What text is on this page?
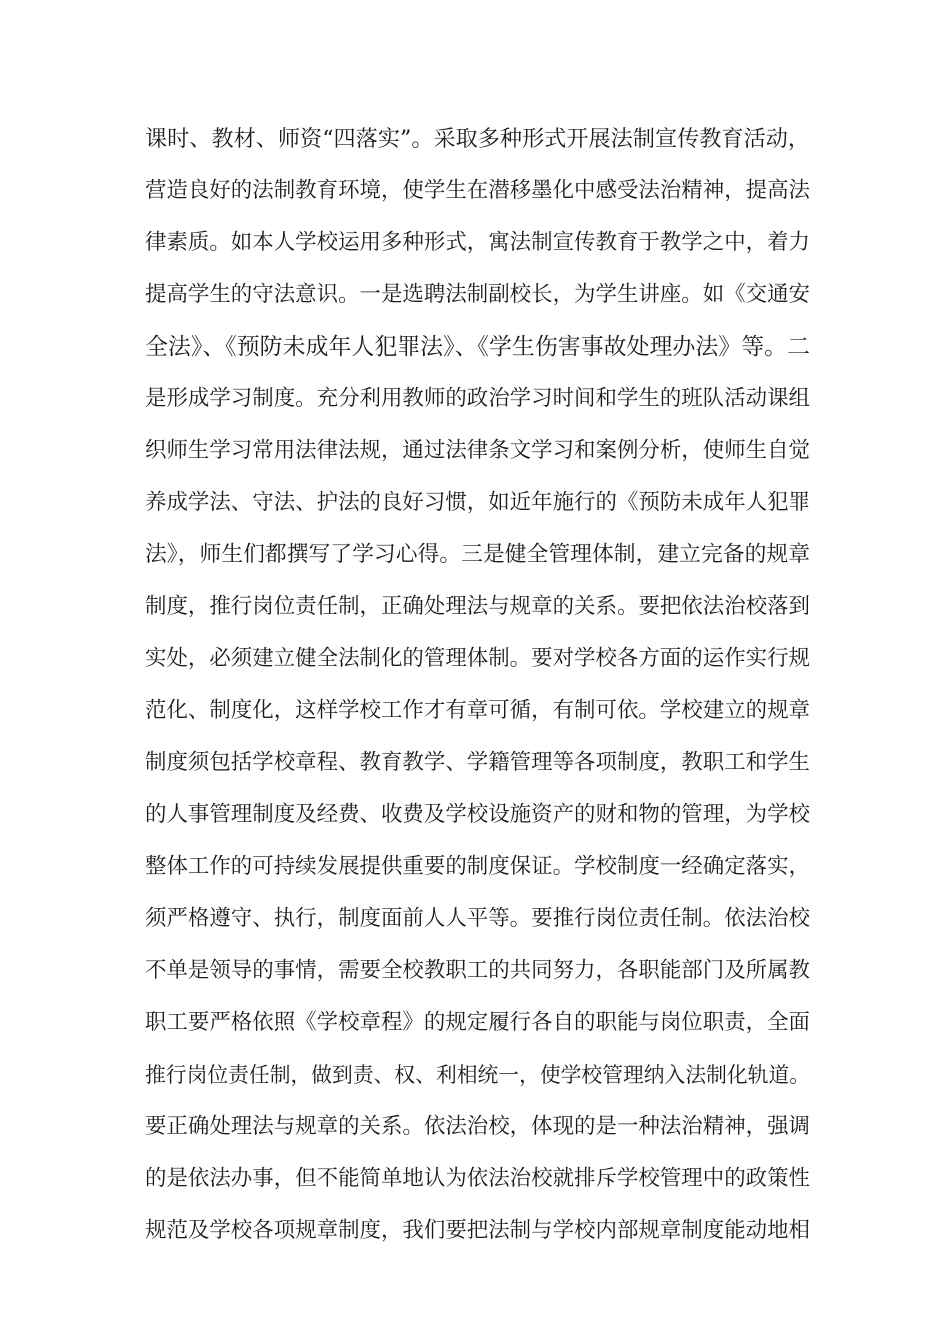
课时、教材、师资“四落实”。采取多种形式开展法制宣传教育活动，
营造良好的法制教育环境，使学生在潜移墨化中感受法治精神，提高法
律素质。如本人学校运用多种形式，寓法制宣传教育于教学之中，着力
提高学生的守法意识。一是选聘法制副校长，为学生讲座。如《交通安
全法》、《预防未成年人犯罪法》、《学生伤害事故处理办法》等。二
是形成学习制度。充分利用教师的政治学习时间和学生的班队活动课组
织师生学习常用法律法规，通过法律条文学习和案例分析，使师生自觉
养成学法、守法、护法的良好习惯，如近年施行的《预防未成年人犯罪
法》，师生们都撰写了学习心得。三是健全管理体制，建立完备的规章
制度，推行岗位责任制，正确处理法与规章的关系。要把依法治校落到
实处，必须建立健全法制化的管理体制。要对学校各方面的运作实行规
范化、制度化，这样学校工作才有章可循，有制可依。学校建立的规章
制度须包括学校章程、教育教学、学籍管理等各项制度，教职工和学生
的人事管理制度及经费、收费及学校设施资产的财和物的管理，为学校
整体工作的可持续发展提供重要的制度保证。学校制度一经确定落实，
须严格遵守、执行，制度面前人人平等。要推行岗位责任制。依法治校
不单是领导的事情，需要全校教职工的共同努力，各职能部门及所属教
职工要严格依照《学校章程》的规定履行各自的职能与岗位职责，全面
推行岗位责任制，做到责、权、利相统一，使学校管理纳入法制化轨道。
要正确处理法与规章的关系。依法治校，体现的是一种法治精神，强调
的是依法办事，但不能简单地认为依法治校就排斥学校管理中的政策性
规范及学校各项规章制度，我们要把法制与学校内部规章制度能动地相
